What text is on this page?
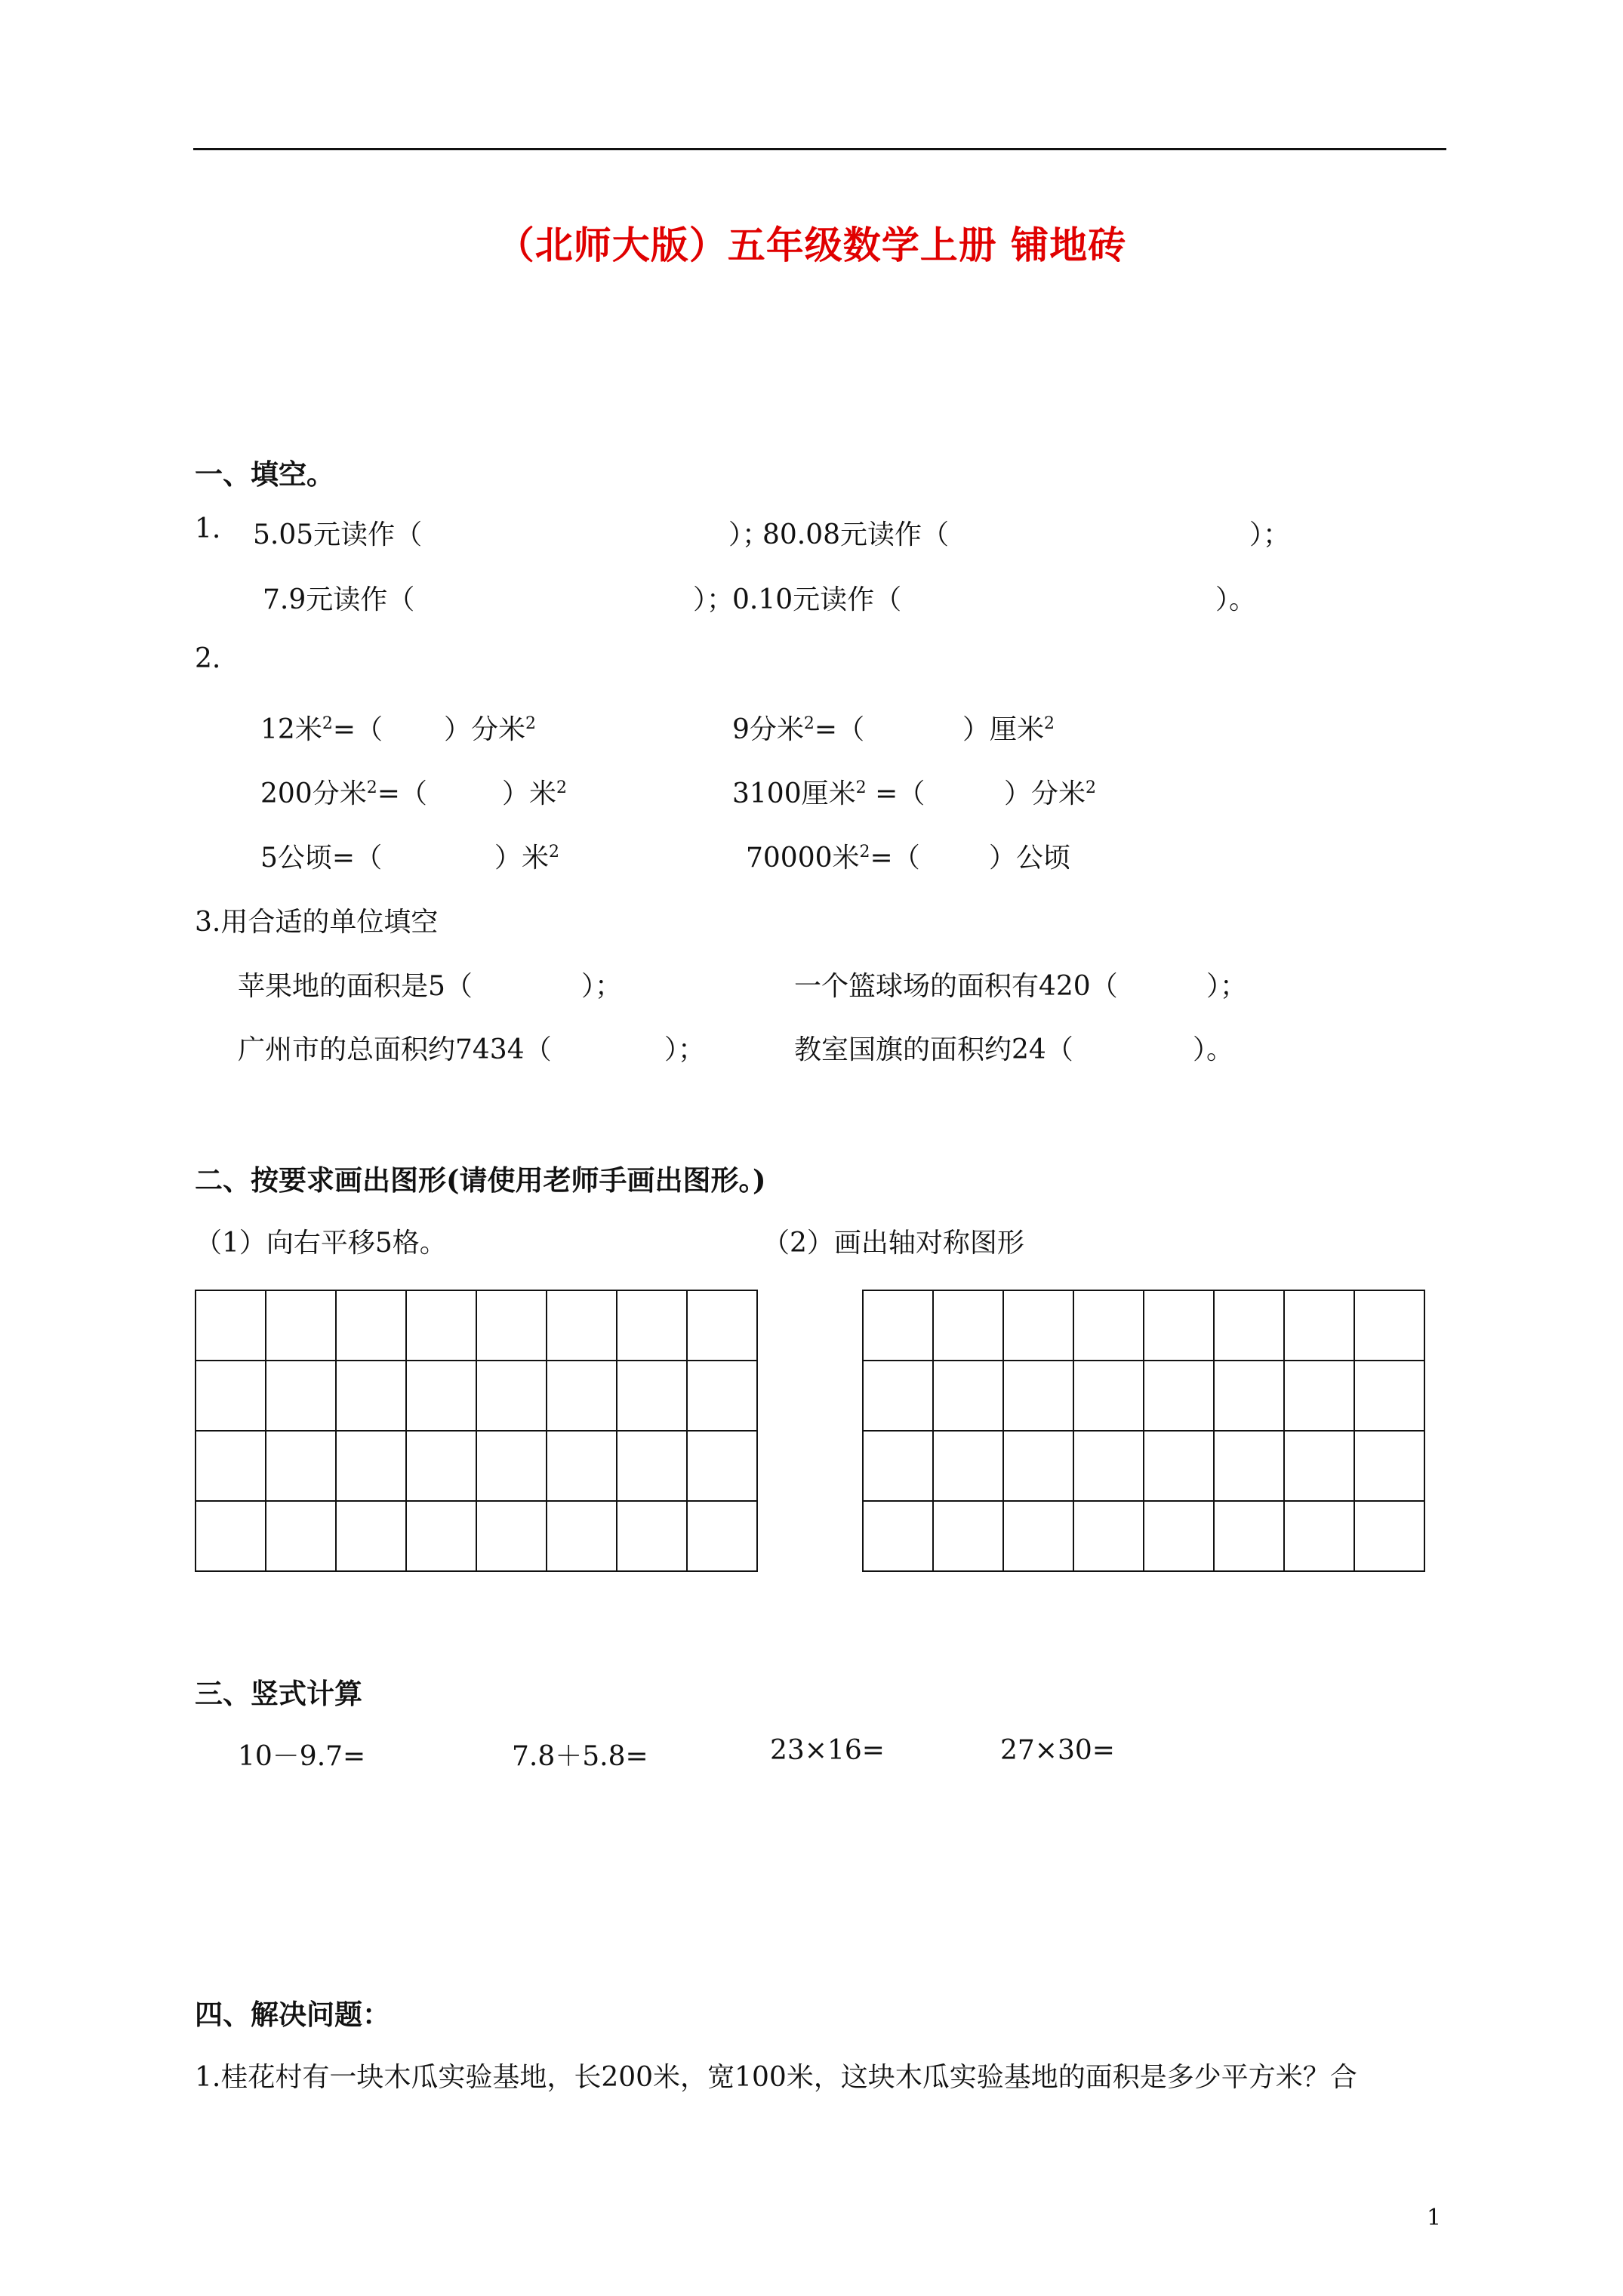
（北师大版）五年级数学上册 铺地砖
一、填空。
1. 5.05元读作（	）；
80.08元读作（	）；
7.9元读作（	）；
0.10元读作（	）。
2.
12米$^2$=（ ）分米$^2$	9分米$^2$=（	）厘米$^2$
200分米$^2$=（	）米$^2$	3100厘米$^2$ =（	）分米$^2$
5公顷=（	）米$^2$	70000米$^2$=（	）公顷
3.用合适的单位填空
苹果地的面积是5（	）；	一个篮球场的面积有420（	）；
广州市的总面积约7434（	）；	教室国旗的面积约24（	）。
二、按要求画出图形(请使用老师手画出图形。)
（1）向右平移5格。	（2）画出轴对称图形
三、竖式计算
10－9.7=	7.8＋5.8=	23×16=	27×30=
四、解决问题：
1.桂花村有一块木瓜实验基地，长200米，宽100米，这块木瓜实验基地的面积是多少平方米？合
1
